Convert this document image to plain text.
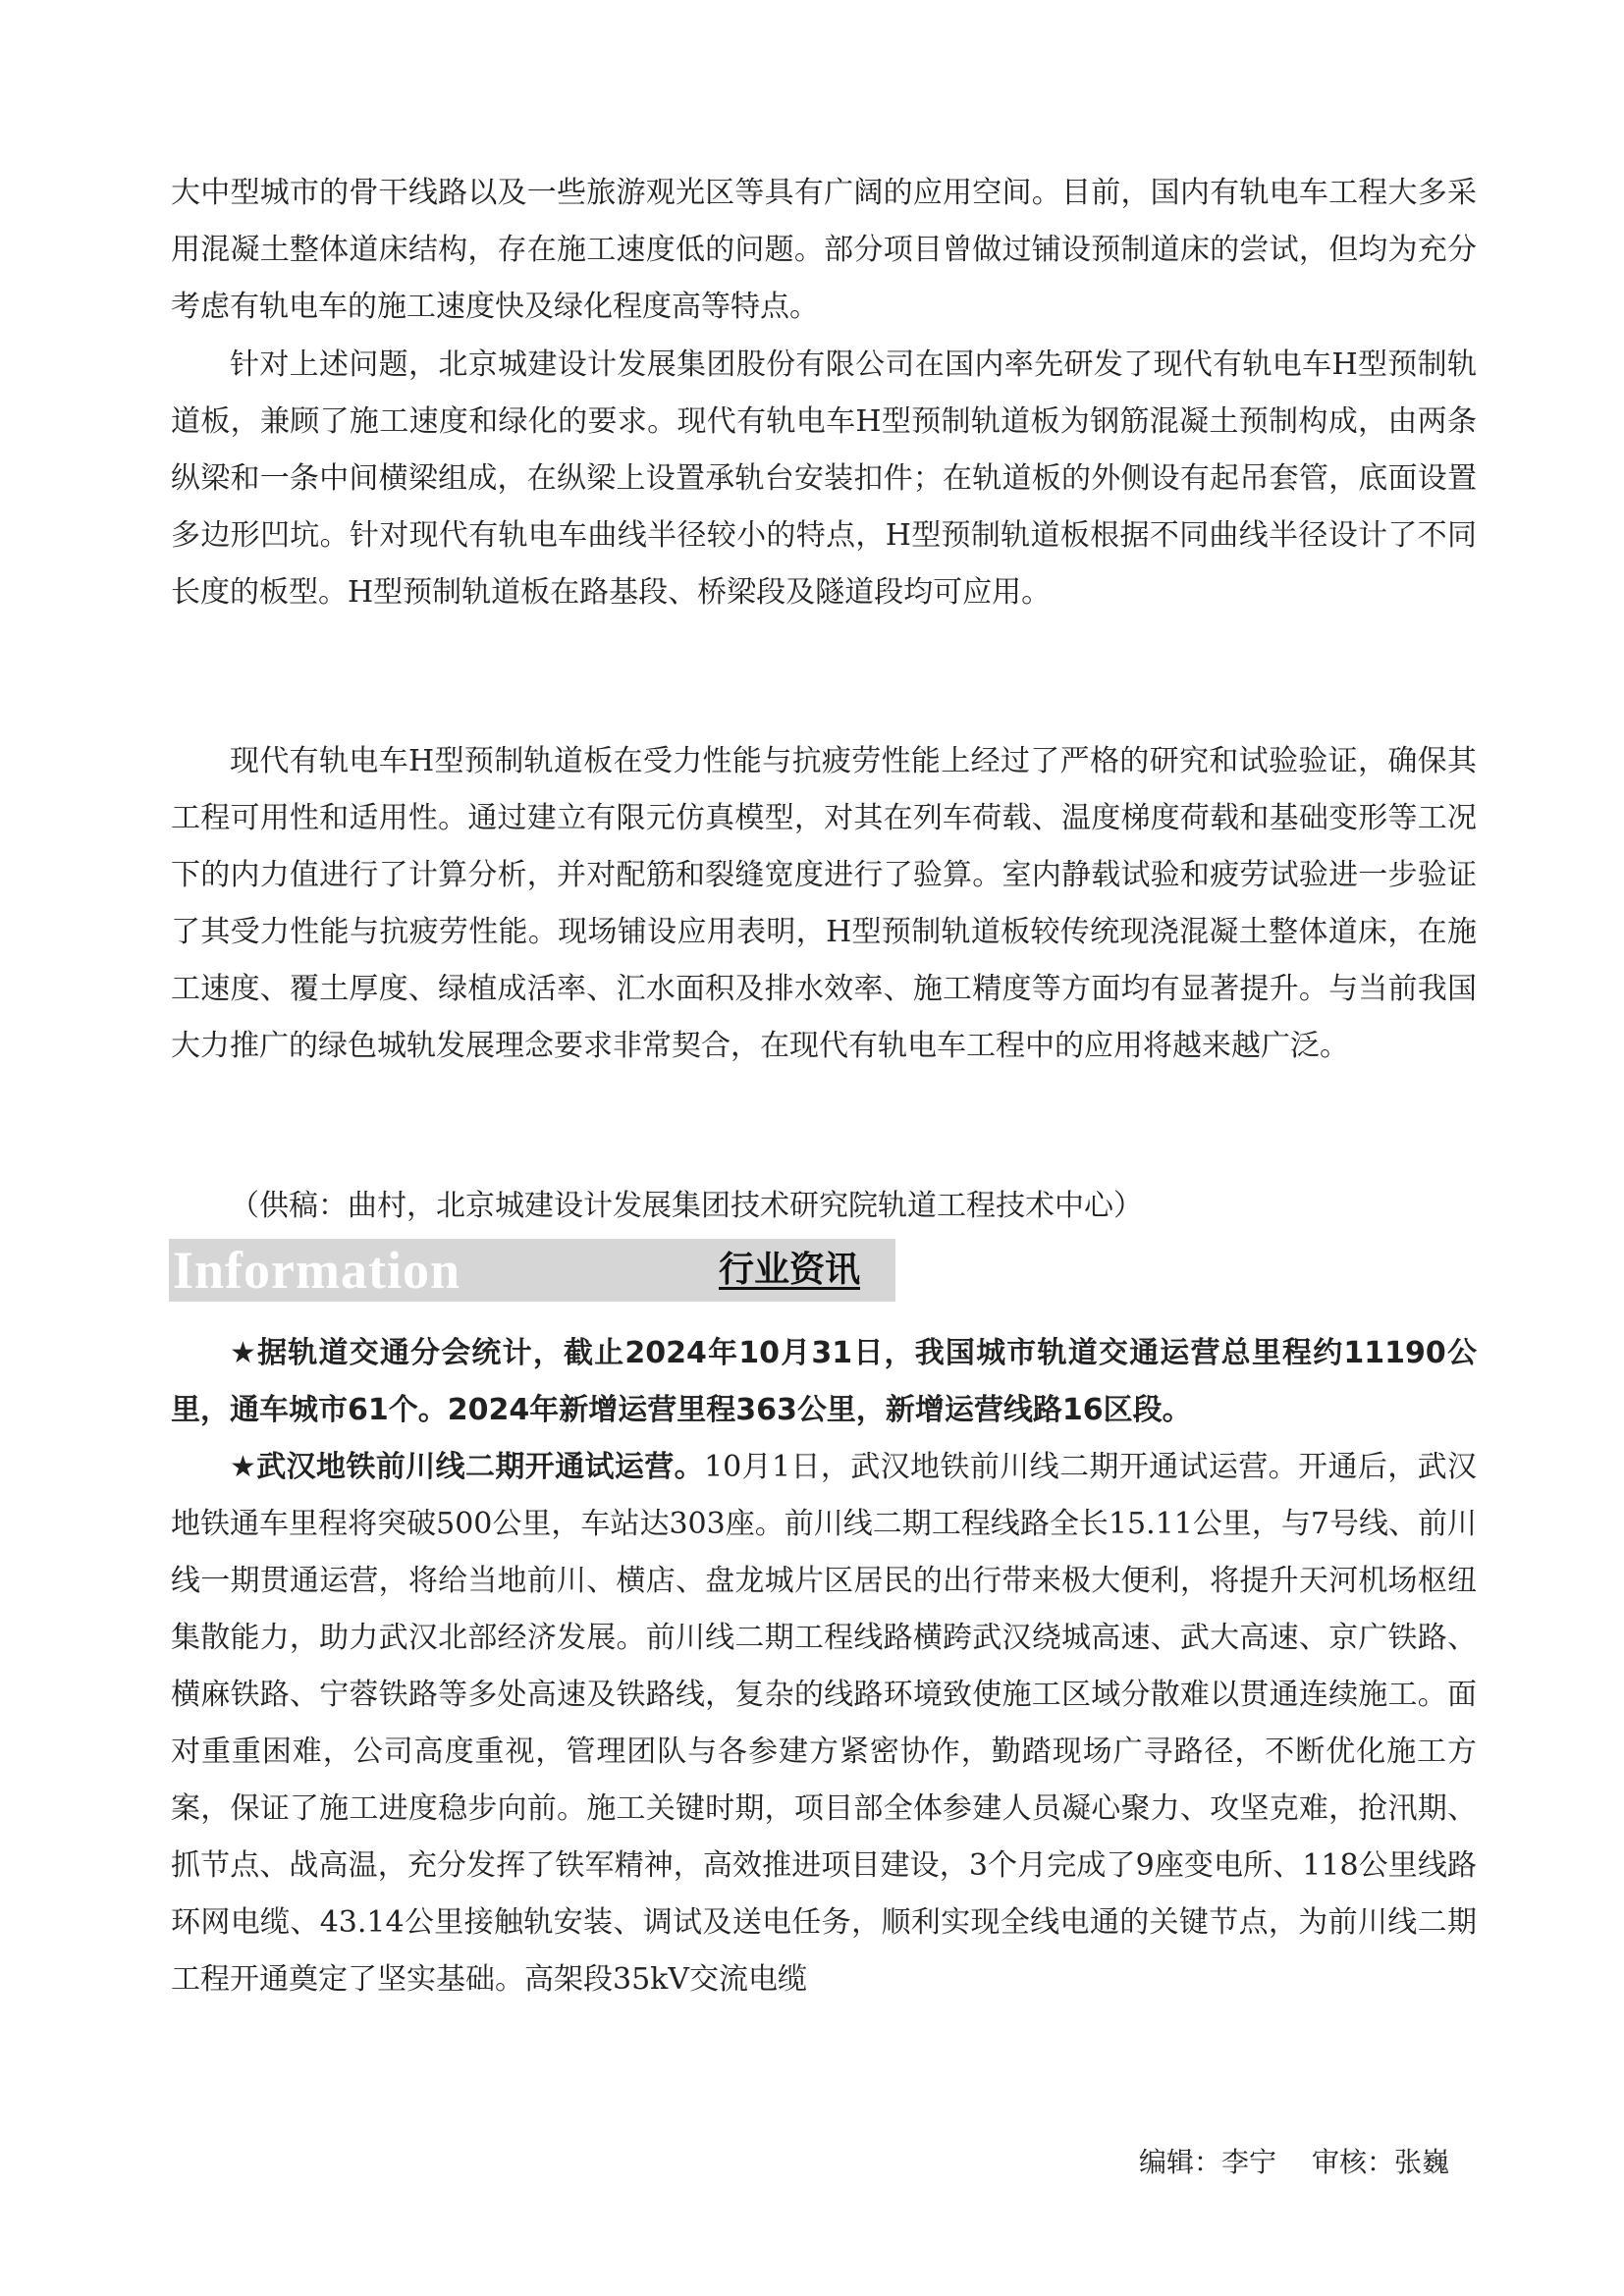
大中型城市的骨干线路以及一些旅游观光区等具有广阔的应用空间。目前，国内有轨电车工程大多采用混凝土整体道床结构，存在施工速度低的问题。部分项目曾做过铺设预制道床的尝试，但均为充分考虑有轨电车的施工速度快及绿化程度高等特点。

针对上述问题，北京城建设计发展集团股份有限公司在国内率先研发了现代有轨电车H型预制轨道板，兼顾了施工速度和绿化的要求。现代有轨电车H型预制轨道板为钢筋混凝土预制构成，由两条纵梁和一条中间横梁组成，在纵梁上设置承轨台安装扣件；在轨道板的外侧设有起吊套管，底面设置多边形凹坑。针对现代有轨电车曲线半径较小的特点，H型预制轨道板根据不同曲线半径设计了不同长度的板型。H型预制轨道板在路基段、桥梁段及隧道段均可应用。

现代有轨电车H型预制轨道板在受力性能与抗疲劳性能上经过了严格的研究和试验验证，确保其工程可用性和适用性。通过建立有限元仿真模型，对其在列车荷载、温度梯度荷载和基础变形等工况下的内力值进行了计算分析，并对配筋和裂缝宽度进行了验算。室内静载试验和疲劳试验进一步验证了其受力性能与抗疲劳性能。现场铺设应用表明，H型预制轨道板较传统现浇混凝土整体道床，在施工速度、覆土厚度、绿植成活率、汇水面积及排水效率、施工精度等方面均有显著提升。与当前我国大力推广的绿色城轨发展理念要求非常契合，在现代有轨电车工程中的应用将越来越广泛。

（供稿：曲村，北京城建设计发展集团技术研究院轨道工程技术中心）

Information	行业资讯

★据轨道交通分会统计，截止2024年10月31日，我国城市轨道交通运营总里程约11190公里，通车城市61个。2024年新增运营里程363公里，新增运营线路16区段。

★武汉地铁前川线二期开通试运营。10月1日，武汉地铁前川线二期开通试运营。开通后，武汉地铁通车里程将突破500公里，车站达303座。前川线二期工程线路全长15.11公里，与7号线、前川线一期贯通运营，将给当地前川、横店、盘龙城片区居民的出行带来极大便利，将提升天河机场枢纽集散能力，助力武汉北部经济发展。前川线二期工程线路横跨武汉绕城高速、武大高速、京广铁路、横麻铁路、宁蓉铁路等多处高速及铁路线，复杂的线路环境致使施工区域分散难以贯通连续施工。面对重重困难，公司高度重视，管理团队与各参建方紧密协作，勤踏现场广寻路径，不断优化施工方案，保证了施工进度稳步向前。施工关键时期，项目部全体参建人员凝心聚力、攻坚克难，抢汛期、抓节点、战高温，充分发挥了铁军精神，高效推进项目建设，3个月完成了9座变电所、118公里线路环网电缆、43.14公里接触轨安装、调试及送电任务，顺利实现全线电通的关键节点，为前川线二期工程开通奠定了坚实基础。高架段35kV交流电缆

编辑：李宁 审核：张巍
